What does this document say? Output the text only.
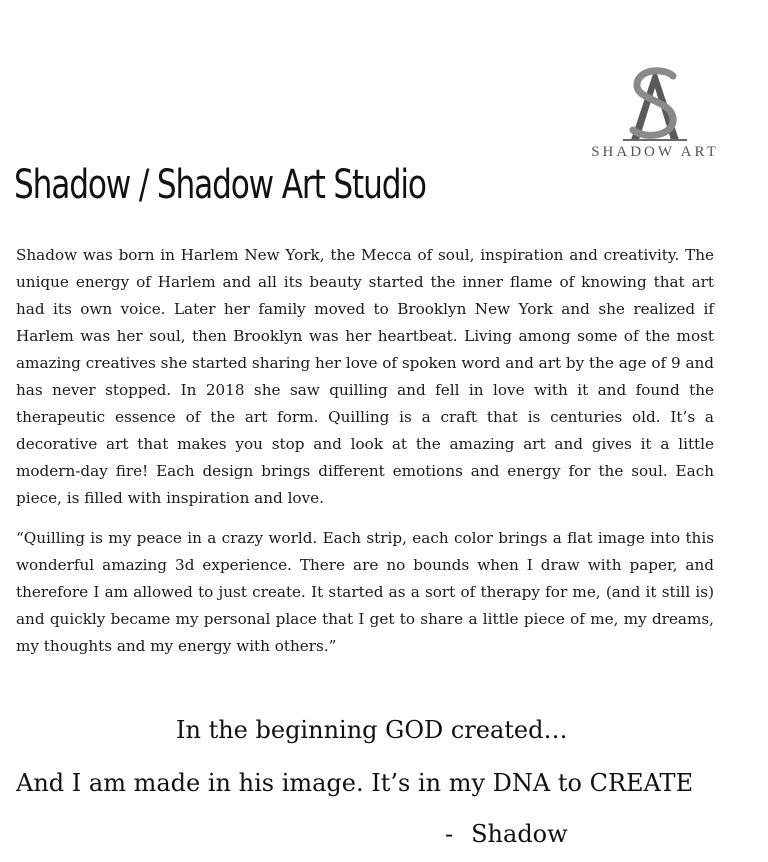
SHADOW ART
Shadow / Shadow Art Studio

Shadow was born in Harlem New York, the Mecca of soul, inspiration and creativity. The unique energy of Harlem and all its beauty started the inner flame of knowing that art had its own voice. Later her family moved to Brooklyn New York and she realized if Harlem was her soul, then Brooklyn was her heartbeat. Living among some of the most amazing creatives she started sharing her love of spoken word and art by the age of 9 and has never stopped. In 2018 she saw quilling and fell in love with it and found the therapeutic essence of the art form. Quilling is a craft that is centuries old. It’s a decorative art that makes you stop and look at the amazing art and gives it a little modern-day fire! Each design brings different emotions and energy for the soul. Each piece, is filled with inspiration and love.

“Quilling is my peace in a crazy world. Each strip, each color brings a flat image into this wonderful amazing 3d experience. There are no bounds when I draw with paper, and therefore I am allowed to just create. It started as a sort of therapy for me, (and it still is) and quickly became my personal place that I get to share a little piece of me, my dreams, my thoughts and my energy with others.”

In the beginning GOD created…
And I am made in his image. It’s in my DNA to CREATE
- Shadow
